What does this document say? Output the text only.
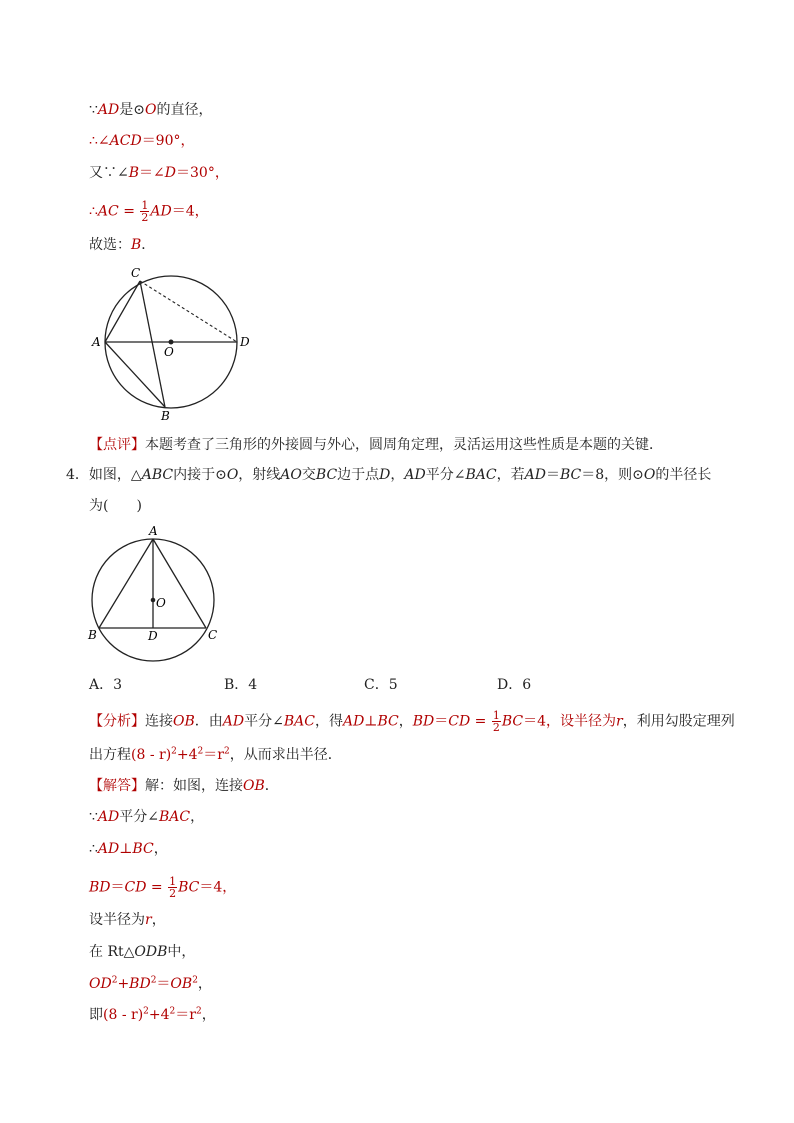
∵AD是⊙O的直径，
∴∠ACD＝90°，
又∵∠B＝∠D＝30°，
∴AC = $\frac{1}{2} AD=4$，
故选：B．
C
A	D
O
B
【点评】本题考查了三角形的外接圆与外心，圆周角定理，灵活运用这些性质是本题的关键．
4．如图，△ABC内接于⊙O，射线AO交BC边于点D，AD平分∠BAC，若AD＝BC＝8，则⊙O的半径长
为(　　)
A
O
B	D	C
A．3	B．4	C．5	D．6
【分析】连接OB．由AD平分∠BAC，得AD⊥BC，$BD=CD = \frac{1}{2} BC=4$，设半径为r，利用勾股定理列
出方程$(8 - r)^2+4^2=r^2$，从而求出半径．
【解答】解：如图，连接OB．
∵AD平分∠BAC，
∴AD⊥BC，
$BD=CD = \frac{1}{2} BC=4$，
设半径为r，
在 Rt△ODB中，
$OD^2+BD^2=OB^2$，
即$(8 - r)^2+4^2=r^2$，
